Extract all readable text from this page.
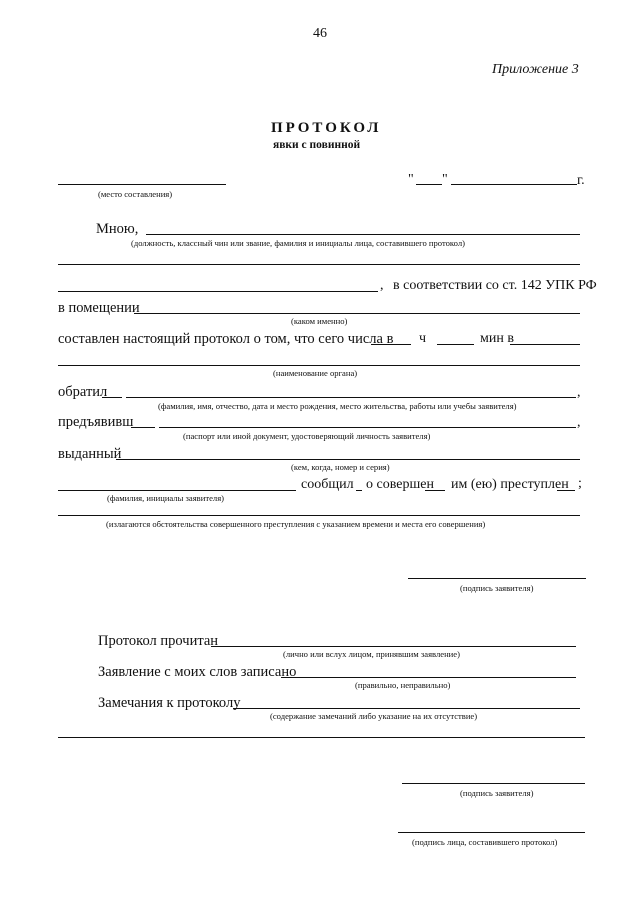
46
Приложение 3
ПРОТОКОЛ
явки с повинной
(место составления)
" "	г.
Мною,
(должность, классный чин или звание, фамилия и инициалы лица, составившего протокол)
, в соответствии со ст. 142 УПК РФ
в помещении
(каком именно)
составлен настоящий протокол о том, что сего числа в ч	мин в
(наименование органа)
обратил	,
(фамилия, имя, отчество, дата и место рождения, место жительства, работы или учебы заявителя)
предъявивш	,
(паспорт или иной документ, удостоверяющий личность заявителя)
выданный
(кем, когда, номер и серия)
сообщил о совершен им (ею) преступлен ;
(фамилия, инициалы заявителя)
(излагаются обстоятельства совершенного преступления с указанием времени и места его совершения)
(подпись заявителя)
Протокол прочитан
(лично или вслух лицом, принявшим заявление)
Заявление с моих слов записано
(правильно, неправильно)
Замечания к протоколу
(содержание замечаний либо указание на их отсутствие)
(подпись заявителя)
(подпись лица, составившего протокол)
